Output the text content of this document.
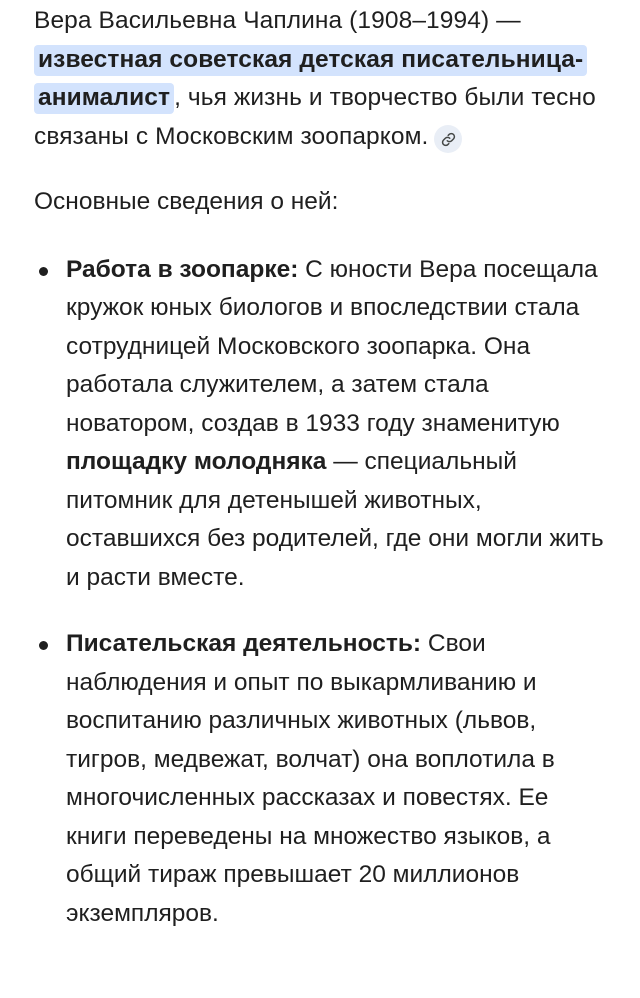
Вера Васильевна Чаплина (1908–1994) — известная советская детская писательница-анималист , чья жизнь и творчество были тесно связаны с Московским зоопарком.

Основные сведения о ней:

Работа в зоопарке: С юности Вера посещала кружок юных биологов и впоследствии стала сотрудницей Московского зоопарка. Она работала служителем, а затем стала новатором, создав в 1933 году знаменитую площадку молодняка — специальный питомник для детенышей животных, оставшихся без родителей, где они могли жить и расти вместе.
Писательская деятельность: Свои наблюдения и опыт по выкармливанию и воспитанию различных животных (львов, тигров, медвежат, волчат) она воплотила в многочисленных рассказах и повестях. Ее книги переведены на множество языков, а общий тираж превышает 20 миллионов экземпляров.
